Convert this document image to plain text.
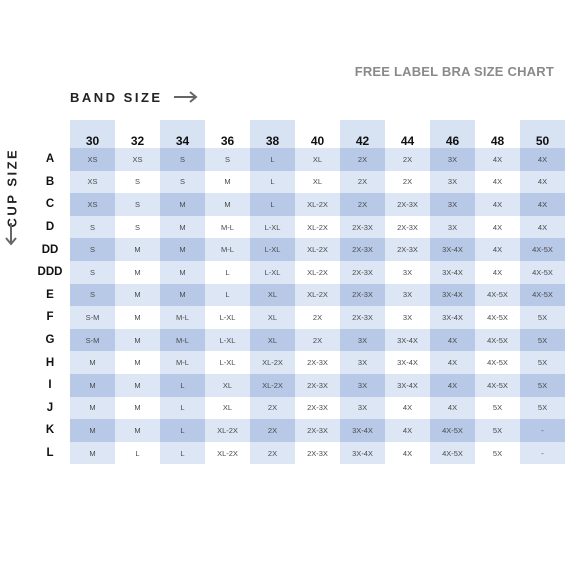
FREE LABEL BRA SIZE CHART
BAND SIZE
CUP SIZE
	30	32	34	36	38	40	42	44	46	48	50
A	XS	XS	S	S	L	XL	2X	2X	3X	4X	4X
B	XS	S	S	M	L	XL	2X	2X	3X	4X	4X
C	XS	S	M	M	L	XL-2X	2X	2X-3X	3X	4X	4X
D	S	S	M	M-L	L-XL	XL-2X	2X-3X	2X-3X	3X	4X	4X
DD	S	M	M	M-L	L-XL	XL-2X	2X-3X	2X-3X	3X-4X	4X	4X-5X
DDD	S	M	M	L	L-XL	XL-2X	2X-3X	3X	3X-4X	4X	4X-5X
E	S	M	M	L	XL	XL-2X	2X-3X	3X	3X-4X	4X-5X	4X-5X
F	S-M	M	M-L	L-XL	XL	2X	2X-3X	3X	3X-4X	4X-5X	5X
G	S-M	M	M-L	L-XL	XL	2X	3X	3X-4X	4X	4X-5X	5X
H	M	M	M-L	L-XL	XL-2X	2X-3X	3X	3X-4X	4X	4X-5X	5X
I	M	M	L	XL	XL-2X	2X-3X	3X	3X-4X	4X	4X-5X	5X
J	M	M	L	XL	2X	2X-3X	3X	4X	4X	5X	5X
K	M	M	L	XL-2X	2X	2X-3X	3X-4X	4X	4X-5X	5X	-
L	M	L	L	XL-2X	2X	2X-3X	3X-4X	4X	4X-5X	5X	-
